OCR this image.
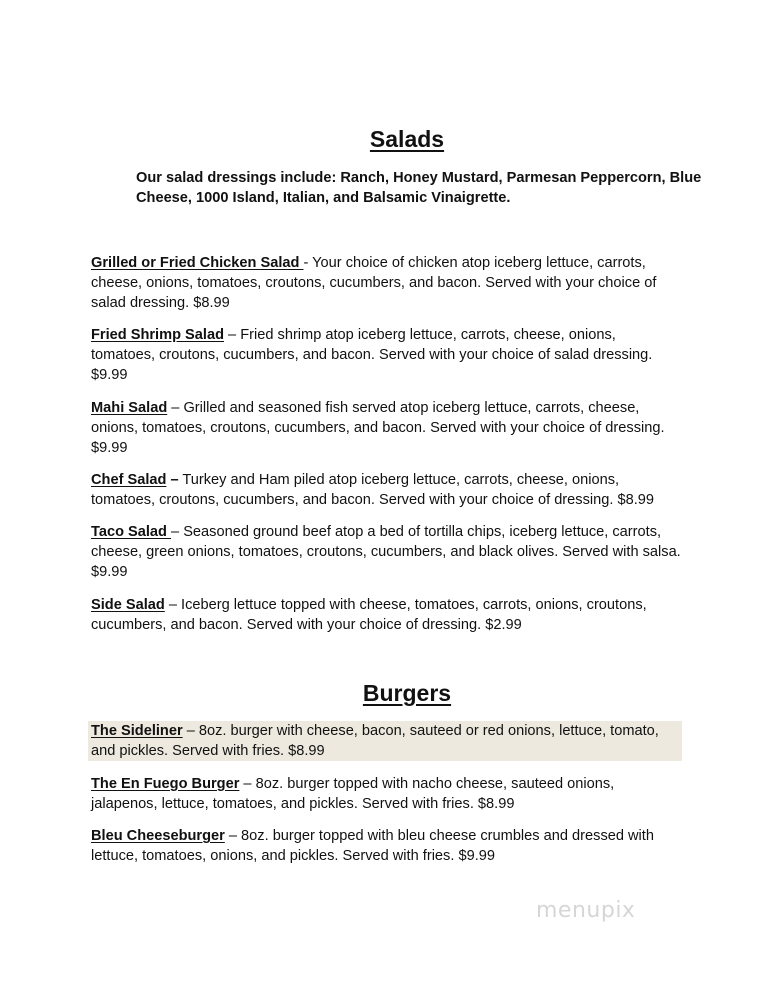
Salads

Our salad dressings include: Ranch, Honey Mustard, Parmesan Peppercorn, Blue Cheese, 1000 Island, Italian, and Balsamic Vinaigrette.

Grilled or Fried Chicken Salad - Your choice of chicken atop iceberg lettuce, carrots, cheese, onions, tomatoes, croutons, cucumbers, and bacon. Served with your choice of salad dressing. $8.99

Fried Shrimp Salad – Fried shrimp atop iceberg lettuce, carrots, cheese, onions, tomatoes, croutons, cucumbers, and bacon. Served with your choice of salad dressing. $9.99

Mahi Salad – Grilled and seasoned fish served atop iceberg lettuce, carrots, cheese, onions, tomatoes, croutons, cucumbers, and bacon. Served with your choice of dressing. $9.99

Chef Salad – Turkey and Ham piled atop iceberg lettuce, carrots, cheese, onions, tomatoes, croutons, cucumbers, and bacon. Served with your choice of dressing. $8.99

Taco Salad – Seasoned ground beef atop a bed of tortilla chips, iceberg lettuce, carrots, cheese, green onions, tomatoes, croutons, cucumbers, and black olives. Served with salsa. $9.99

Side Salad – Iceberg lettuce topped with cheese, tomatoes, carrots, onions, croutons, cucumbers, and bacon. Served with your choice of dressing. $2.99

Burgers

The Sideliner – 8oz. burger with cheese, bacon, sauteed or red onions, lettuce, tomato, and pickles. Served with fries. $8.99

The En Fuego Burger – 8oz. burger topped with nacho cheese, sauteed onions, jalapenos, lettuce, tomatoes, and pickles. Served with fries. $8.99

Bleu Cheeseburger – 8oz. burger topped with bleu cheese crumbles and dressed with lettuce, tomatoes, onions, and pickles. Served with fries. $9.99

menupix
